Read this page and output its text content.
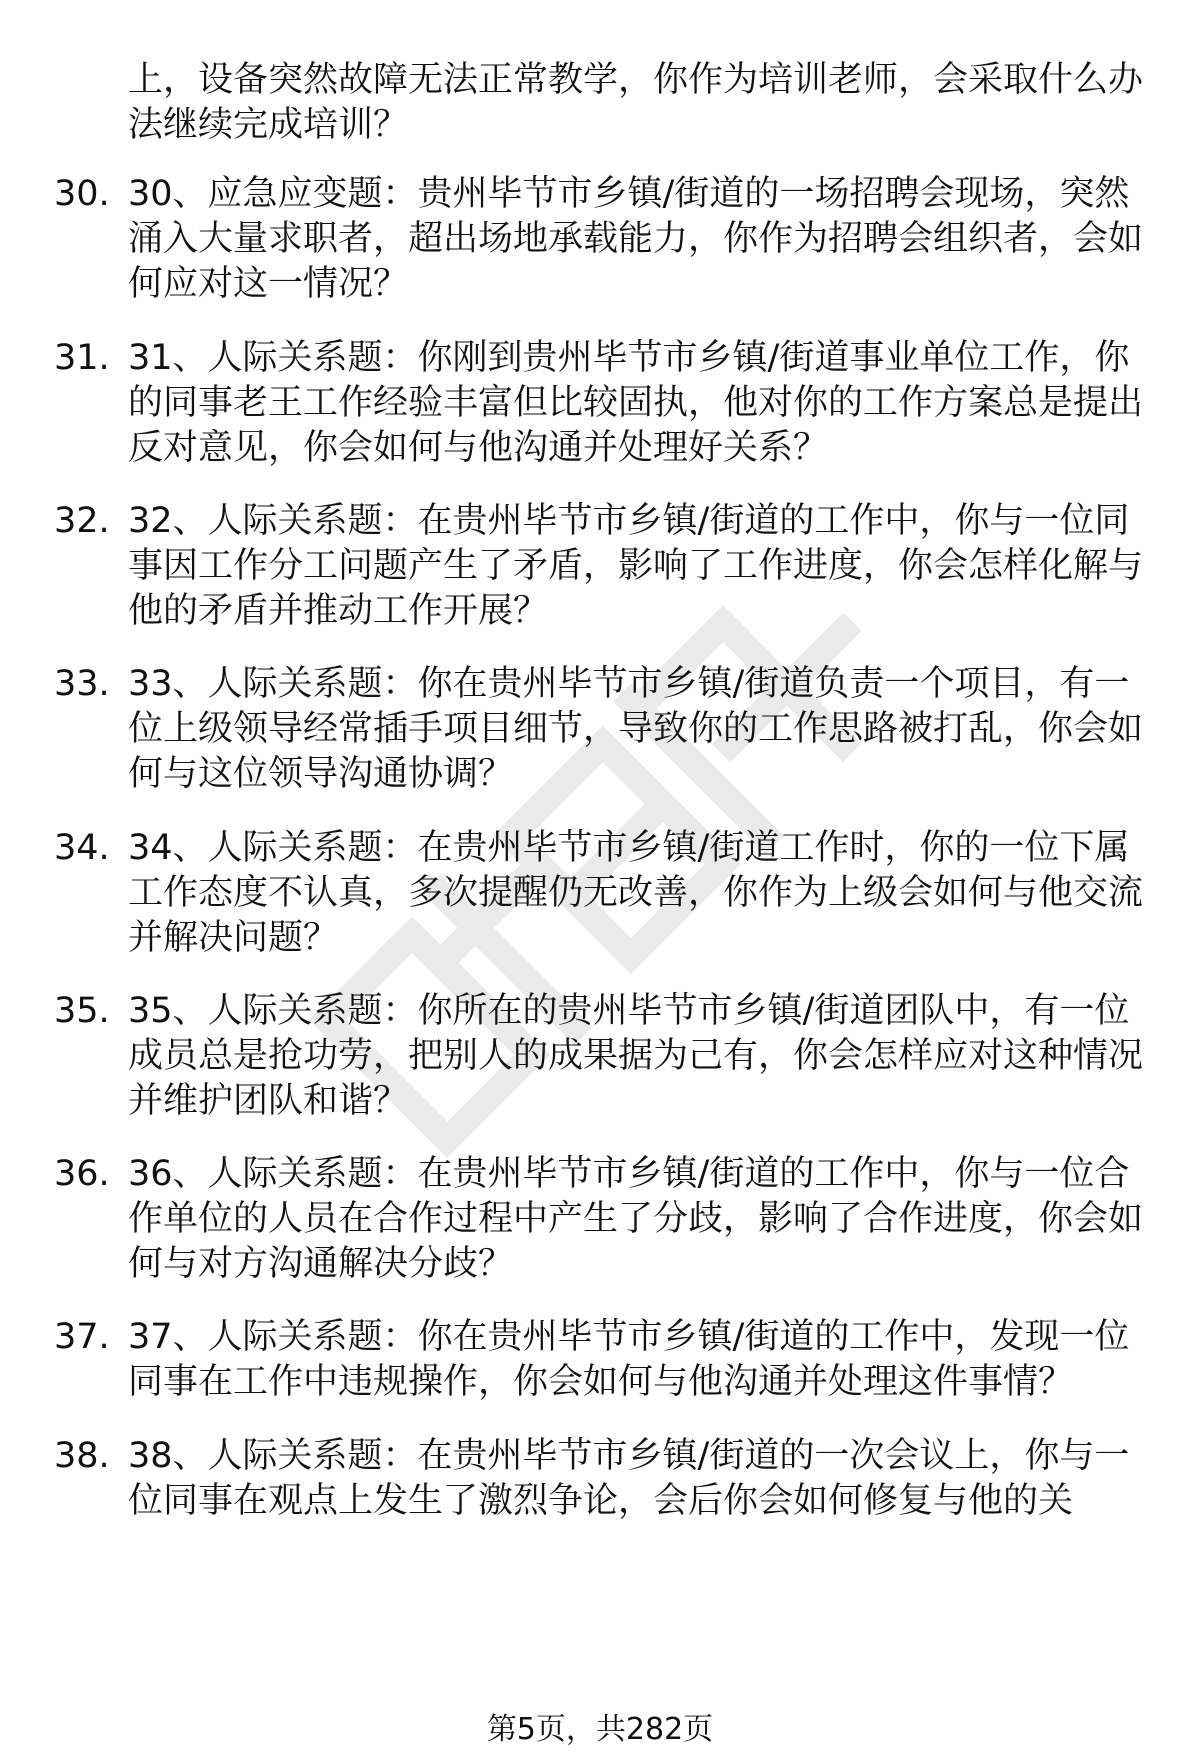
上，设备突然故障无法正常教学，你作为培训老师，会采取什么办法继续完成培训？
30. 30、应急应变题：贵州毕节市乡镇/街道的一场招聘会现场，突然涌入大量求职者，超出场地承载能力，你作为招聘会组织者，会如何应对这一情况？
31. 31、人际关系题：你刚到贵州毕节市乡镇/街道事业单位工作，你的同事老王工作经验丰富但比较固执，他对你的工作方案总是提出反对意见，你会如何与他沟通并处理好关系？
32. 32、人际关系题：在贵州毕节市乡镇/街道的工作中，你与一位同事因工作分工问题产生了矛盾，影响了工作进度，你会怎样化解与他的矛盾并推动工作开展？
33. 33、人际关系题：你在贵州毕节市乡镇/街道负责一个项目，有一位上级领导经常插手项目细节，导致你的工作思路被打乱，你会如何与这位领导沟通协调？
34. 34、人际关系题：在贵州毕节市乡镇/街道工作时，你的一位下属工作态度不认真，多次提醒仍无改善，你作为上级会如何与他交流并解决问题？
35. 35、人际关系题：你所在的贵州毕节市乡镇/街道团队中，有一位成员总是抢功劳，把别人的成果据为己有，你会怎样应对这种情况并维护团队和谐？
36. 36、人际关系题：在贵州毕节市乡镇/街道的工作中，你与一位合作单位的人员在合作过程中产生了分歧，影响了合作进度，你会如何与对方沟通解决分歧？
37. 37、人际关系题：你在贵州毕节市乡镇/街道的工作中，发现一位同事在工作中违规操作，你会如何与他沟通并处理这件事情？
38. 38、人际关系题：在贵州毕节市乡镇/街道的一次会议上，你与一位同事在观点上发生了激烈争论，会后你会如何修复与他的关
第5页，共282页
